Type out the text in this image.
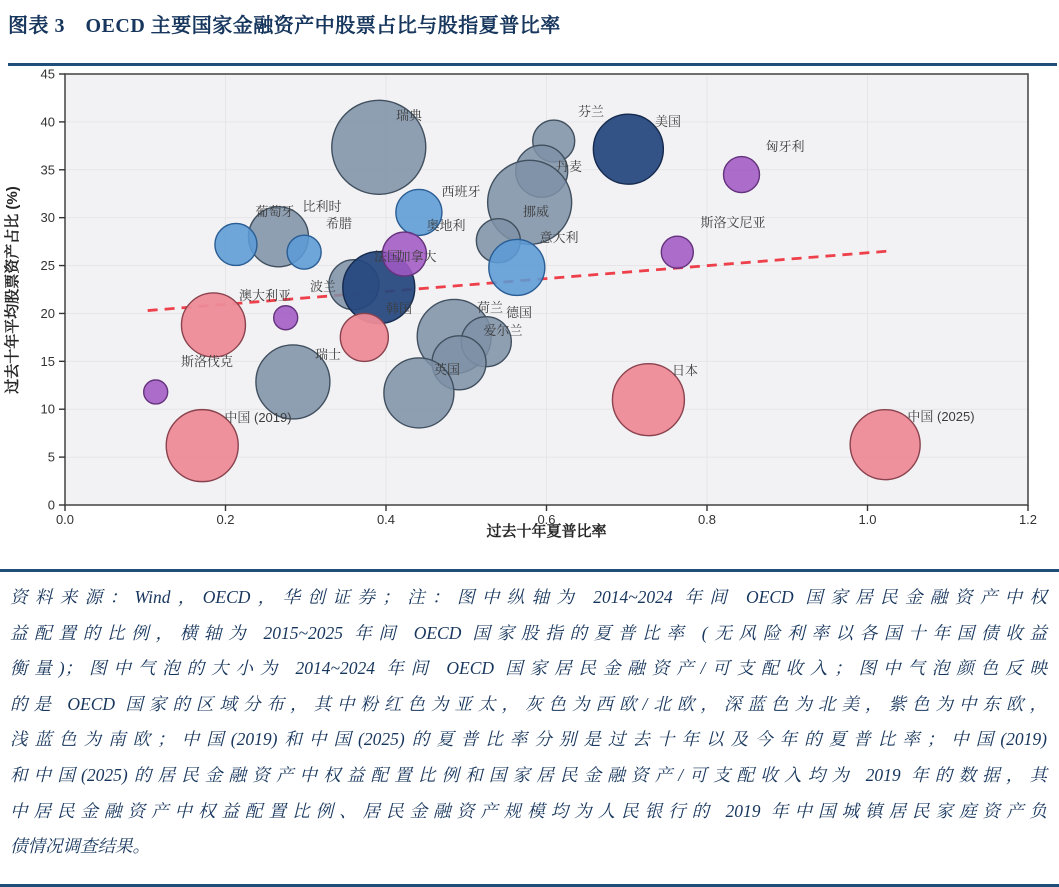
图表 3　OECD 主要国家金融资产中股票占比与股指夏普比率
0.0	0.2	0.4	0.6	0.8	1.0	1.2
0
5
10
15
20
25
30
35
40
45
过去十年夏普比率
过去十年平均股票资产占比 (%)
瑞典	芬兰
美国
匈牙利
丹麦
西班牙
挪威
奥地利
意大利
葡萄牙 比利时
希腊	斯洛文尼亚
法国
加拿大
波兰
澳大利亚
韩国	荷兰 德国
爱尔兰
瑞士
斯洛伐克
英国
中国 (2019)
日本
中国 (2025)
资料来源：Wind，OECD，华创证券；注：图中纵轴为 2014~2024 年间 OECD 国家居民金融资产中权
益配置的比例，横轴为 2015~2025 年间 OECD 国家股指的夏普比率 (无风险利率以各国十年国债收益
衡量)；图中气泡的大小为 2014~2024 年间 OECD 国家居民金融资产/可支配收入；图中气泡颜色反映
的是 OECD 国家的区域分布，其中粉红色为亚太，灰色为西欧/北欧，深蓝色为北美，紫色为中东欧，
浅蓝色为南欧；中国(2019)和中国(2025)的夏普比率分别是过去十年以及今年的夏普比率；中国(2019)
和中国(2025)的居民金融资产中权益配置比例和国家居民金融资产/可支配收入均为 2019 年的数据，其
中居民金融资产中权益配置比例、居民金融资产规模均为人民银行的 2019 年中国城镇居民家庭资产负
债情况调查结果。
